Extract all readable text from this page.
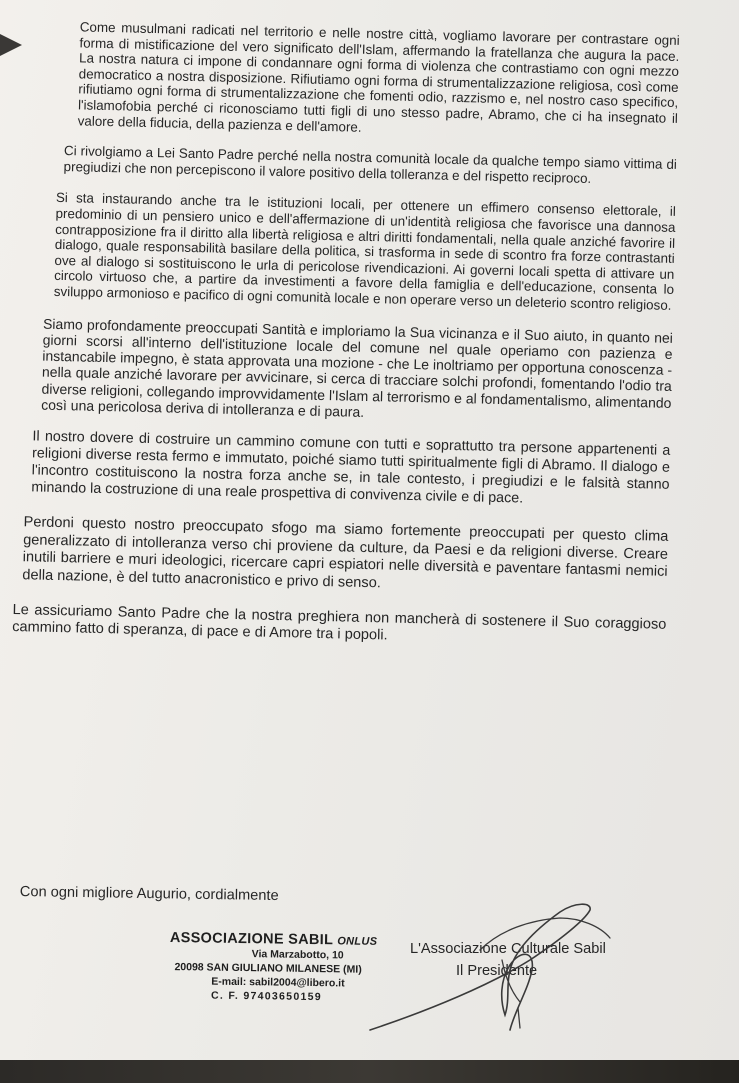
Come musulmani radicati nel territorio e nelle nostre città, vogliamo lavorare per contrastare ogni forma di mistificazione del vero significato dell'Islam, affermando la fratellanza che augura la pace. La nostra natura ci impone di condannare ogni forma di violenza che contrastiamo con ogni mezzo democratico a nostra disposizione. Rifiutiamo ogni forma di strumentalizzazione religiosa, così come rifiutiamo ogni forma di strumentalizzazione che fomenti odio, razzismo e, nel nostro caso specifico, l'islamofobia perché ci riconosciamo tutti figli di uno stesso padre, Abramo, che ci ha insegnato il valore della fiducia, della pazienza e dell'amore.

Ci rivolgiamo a Lei Santo Padre perché nella nostra comunità locale da qualche tempo siamo vittima di pregiudizi che non percepiscono il valore positivo della tolleranza e del rispetto reciproco.

Si sta instaurando anche tra le istituzioni locali, per ottenere un effimero consenso elettorale, il predominio di un pensiero unico e dell'affermazione di un'identità religiosa che favorisce una dannosa contrapposizione fra il diritto alla libertà religiosa e altri diritti fondamentali, nella quale anziché favorire il dialogo, quale responsabilità basilare della politica, si trasforma in sede di scontro fra forze contrastanti ove al dialogo si sostituiscono le urla di pericolose rivendicazioni. Ai governi locali spetta di attivare un circolo virtuoso che, a partire da investimenti a favore della famiglia e dell'educazione, consenta lo sviluppo armonioso e pacifico di ogni comunità locale e non operare verso un deleterio scontro religioso.

Siamo profondamente preoccupati Santità e imploriamo la Sua vicinanza e il Suo aiuto, in quanto nei giorni scorsi all'interno dell'istituzione locale del comune nel quale operiamo con pazienza e instancabile impegno, è stata approvata una mozione - che Le inoltriamo per opportuna conoscenza - nella quale anziché lavorare per avvicinare, si cerca di tracciare solchi profondi, fomentando l'odio tra diverse religioni, collegando improvvidamente l'Islam al terrorismo e al fondamentalismo, alimentando così una pericolosa deriva di intolleranza e di paura.

Il nostro dovere di costruire un cammino comune con tutti e soprattutto tra persone appartenenti a religioni diverse resta fermo e immutato, poiché siamo tutti spiritualmente figli di Abramo. Il dialogo e l'incontro costituiscono la nostra forza anche se, in tale contesto, i pregiudizi e le falsità stanno minando la costruzione di una reale prospettiva di convivenza civile e di pace.

Perdoni questo nostro preoccupato sfogo ma siamo fortemente preoccupati per questo clima generalizzato di intolleranza verso chi proviene da culture, da Paesi e da religioni diverse. Creare inutili barriere e muri ideologici, ricercare capri espiatori nelle diversità e paventare fantasmi nemici della nazione, è del tutto anacronistico e privo di senso.

Le assicuriamo Santo Padre che la nostra preghiera non mancherà di sostenere il Suo coraggioso cammino fatto di speranza, di pace e di Amore tra i popoli.

Con ogni migliore Augurio, cordialmente
ASSOCIAZIONE SABIL ONLUS
Via Marzabotto, 10
20098 SAN GIULIANO MILANESE (MI)
E-mail: sabil2004@libero.it
C. F. 97403650159
L'Associazione Culturale Sabil
Il Presidente
